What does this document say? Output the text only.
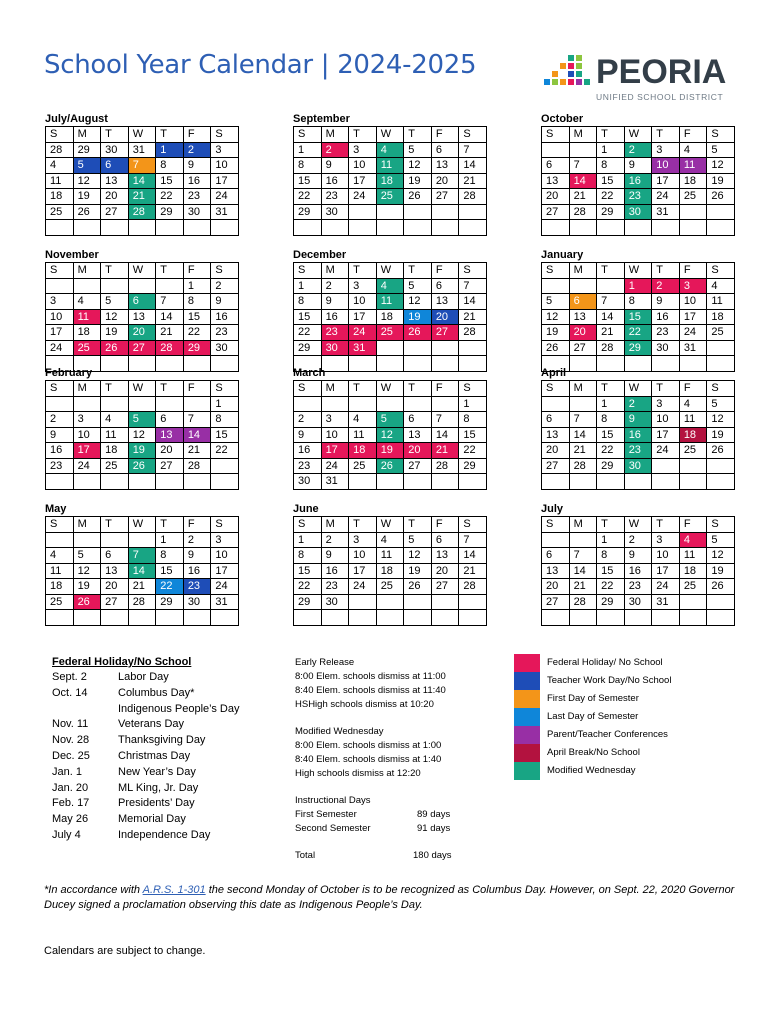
School Year Calendar | 2024-2025	PEORIA
UNIFIED SCHOOL DISTRICT
July/August
S	M	T	W	T	F	S
28	29	30	31	1	2	3
4	5	6	7	8	9	10
11	12	13	14	15	16	17
18	19	20	21	22	23	24
25	26	27	28	29	30	31

September
S	M	T	W	T	F	S
1	2	3	4	5	6	7
8	9	10	11	12	13	14
15	16	17	18	19	20	21
22	23	24	25	26	27	28
29	30					

October
S	M	T	W	T	F	S
		1	2	3	4	5
6	7	8	9	10	11	12
13	14	15	16	17	18	19
20	21	22	23	24	25	26
27	28	29	30	31		

November
S	M	T	W	T	F	S
					1	2
3	4	5	6	7	8	9
10	11	12	13	14	15	16
17	18	19	20	21	22	23
24	25	26	27	28	29	30

December
S	M	T	W	T	F	S
1	2	3	4	5	6	7
8	9	10	11	12	13	14
15	16	17	18	19	20	21
22	23	24	25	26	27	28
29	30	31				

January
S	M	T	W	T	F	S
			1	2	3	4
5	6	7	8	9	10	11
12	13	14	15	16	17	18
19	20	21	22	23	24	25
26	27	28	29	30	31	

February
S	M	T	W	T	F	S
						1
2	3	4	5	6	7	8
9	10	11	12	13	14	15
16	17	18	19	20	21	22
23	24	25	26	27	28	

March
S	M	T	W	T	F	S
						1
2	3	4	5	6	7	8
9	10	11	12	13	14	15
16	17	18	19	20	21	22
23	24	25	26	27	28	29
30	31					
April
S	M	T	W	T	F	S
		1	2	3	4	5
6	7	8	9	10	11	12
13	14	15	16	17	18	19
20	21	22	23	24	25	26
27	28	29	30			

May
S	M	T	W	T	F	S
				1	2	3
4	5	6	7	8	9	10
11	12	13	14	15	16	17
18	19	20	21	22	23	24
25	26	27	28	29	30	31

June
S	M	T	W	T	F	S
1	2	3	4	5	6	7
8	9	10	11	12	13	14
15	16	17	18	19	20	21
22	23	24	25	26	27	28
29	30					

July
S	M	T	W	T	F	S
		1	2	3	4	5
6	7	8	9	10	11	12
13	14	15	16	17	18	19
20	21	22	23	24	25	26
27	28	29	30	31		

Federal Holiday/No School
Sept. 2	Labor Day
Oct. 14	Columbus Day*
Indigenous People’s Day
Nov. 11	Veterans Day
Nov. 28	Thanksgiving Day
Dec. 25	Christmas Day
Jan. 1	New Year’s Day
Jan. 20	ML King, Jr. Day
Feb. 17	Presidents’ Day
May 26	Memorial Day
July 4	Independence Day
Early Release
8:00 Elem. schools dismiss at 11:00
8:40 Elem. schools dismiss at 11:40
HSHigh schools dismiss at 10:20
Modified Wednesday
8:00 Elem. schools dismiss at 1:00
8:40 Elem. schools dismiss at 1:40
High schools dismiss at 12:20
Instructional Days
First Semester	89 days
Second Semester	91 days
Total	180 days
Federal Holiday/ No School
Teacher Work Day/No School
First Day of Semester
Last Day of Semester
Parent/Teacher Conferences
April Break/No School
Modified Wednesday
*In accordance with A.R.S. 1-301 the second Monday of October is to be recognized as Columbus Day. However, on Sept. 22, 2020 Governor Ducey signed a proclamation observing this date as Indigenous People’s Day.
Calendars are subject to change.
